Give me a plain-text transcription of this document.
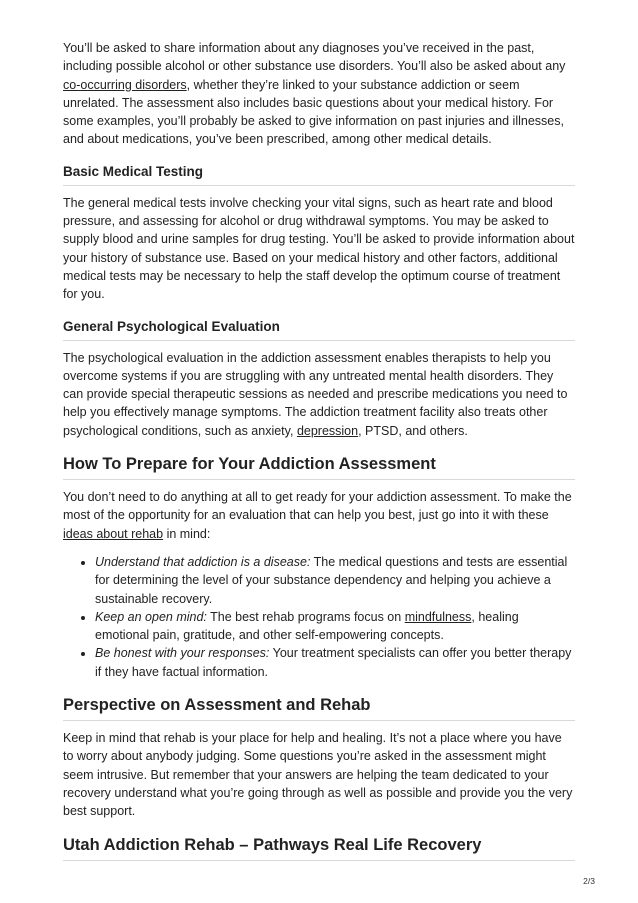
You’ll be asked to share information about any diagnoses you’ve received in the past, including possible alcohol or other substance use disorders. You’ll also be asked about any co-occurring disorders, whether they’re linked to your substance addiction or seem unrelated. The assessment also includes basic questions about your medical history. For some examples, you’ll probably be asked to give information on past injuries and illnesses, and about medications, you’ve been prescribed, among other medical details.

Basic Medical Testing

The general medical tests involve checking your vital signs, such as heart rate and blood pressure, and assessing for alcohol or drug withdrawal symptoms. You may be asked to supply blood and urine samples for drug testing. You’ll be asked to provide information about your history of substance use. Based on your medical history and other factors, additional medical tests may be necessary to help the staff develop the optimum course of treatment for you.

General Psychological Evaluation

The psychological evaluation in the addiction assessment enables therapists to help you overcome systems if you are struggling with any untreated mental health disorders. They can provide special therapeutic sessions as needed and prescribe medications you need to help you effectively manage symptoms. The addiction treatment facility also treats other psychological conditions, such as anxiety, depression, PTSD, and others.

How To Prepare for Your Addiction Assessment

You don’t need to do anything at all to get ready for your addiction assessment. To make the most of the opportunity for an evaluation that can help you best, just go into it with these ideas about rehab in mind:

• Understand that addiction is a disease: The medical questions and tests are essential for determining the level of your substance dependency and helping you achieve a sustainable recovery.
• Keep an open mind: The best rehab programs focus on mindfulness, healing emotional pain, gratitude, and other self-empowering concepts.
• Be honest with your responses: Your treatment specialists can offer you better therapy if they have factual information.
Perspective on Assessment and Rehab

Keep in mind that rehab is your place for help and healing. It’s not a place where you have to worry about anybody judging. Some questions you’re asked in the assessment might seem intrusive. But remember that your answers are helping the team dedicated to your recovery understand what you’re going through as well as possible and provide you the very best support.

Utah Addiction Rehab – Pathways Real Life Recovery
2/3
